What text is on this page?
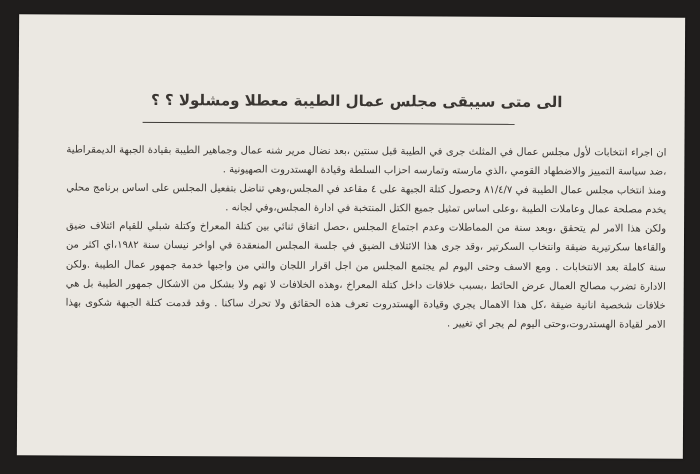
الى متى سيبقى مجلس عمال الطيبة معطلا ومشلولا ؟ ؟

ان اجراء انتخابات لأول مجلس عمال في المثلث جرى في الطيبة قبل سنتين ،بعد نضال مرير شنه عمال وجماهير الطيبة بقيادة الجبهة الديمقراطية ،ضد سياسة التمييز والاضطهاد القومي ،الذي مارسته وتمارسه احزاب السلطة وقيادة الهستدروت الصهيونية .

ومنذ انتخاب مجلس عمال الطيبة في ٨١/٤/٧ وحصول كتلة الجبهة على ٤ مقاعد في المجلس،وهي تناضل بتفعيل المجلس على اساس برنامج محلي يخدم مصلحة عمال وعاملات الطيبة ،وعلى اساس تمثيل جميع الكتل المنتخبة في ادارة المجلس،وفي لجانه .

ولكن هذا الامر لم يتحقق ،وبعد سنة من المماطلات وعدم اجتماع المجلس ،حصل اتفاق ثنائي بين كتلة المعراخ وكتلة شبلي للقيام ائتلاف ضيق والقاءها سكرتيرية ضيقة وانتخاب السكرتير ،وقد جرى هذا الائتلاف الضيق في جلسة المجلس المنعقدة في اواخر نيسان سنة ١٩٨٢،اي اكثر من سنة كاملة بعد الانتخابات . ومع الاسف وحتى اليوم لم يجتمع المجلس من اجل اقرار اللجان والتي من واجبها خدمة جمهور عمال الطيبة .ولكن الادارة تضرب مصالح العمال عرض الحائط ،بسبب خلافات داخل كتلة المعراخ ،وهذه الخلافات لا تهم ولا بشكل من الاشكال جمهور الطيبة بل هي خلافات شخصية انانية ضيقة ،كل هذا الاهمال يجري وقيادة الهستدروت تعرف هذه الحقائق ولا تحرك ساكنا . وقد قدمت كتلة الجبهة شكوى بهذا الامر لقيادة الهستدروت،وحتى اليوم لم يجر اي تغيير .
